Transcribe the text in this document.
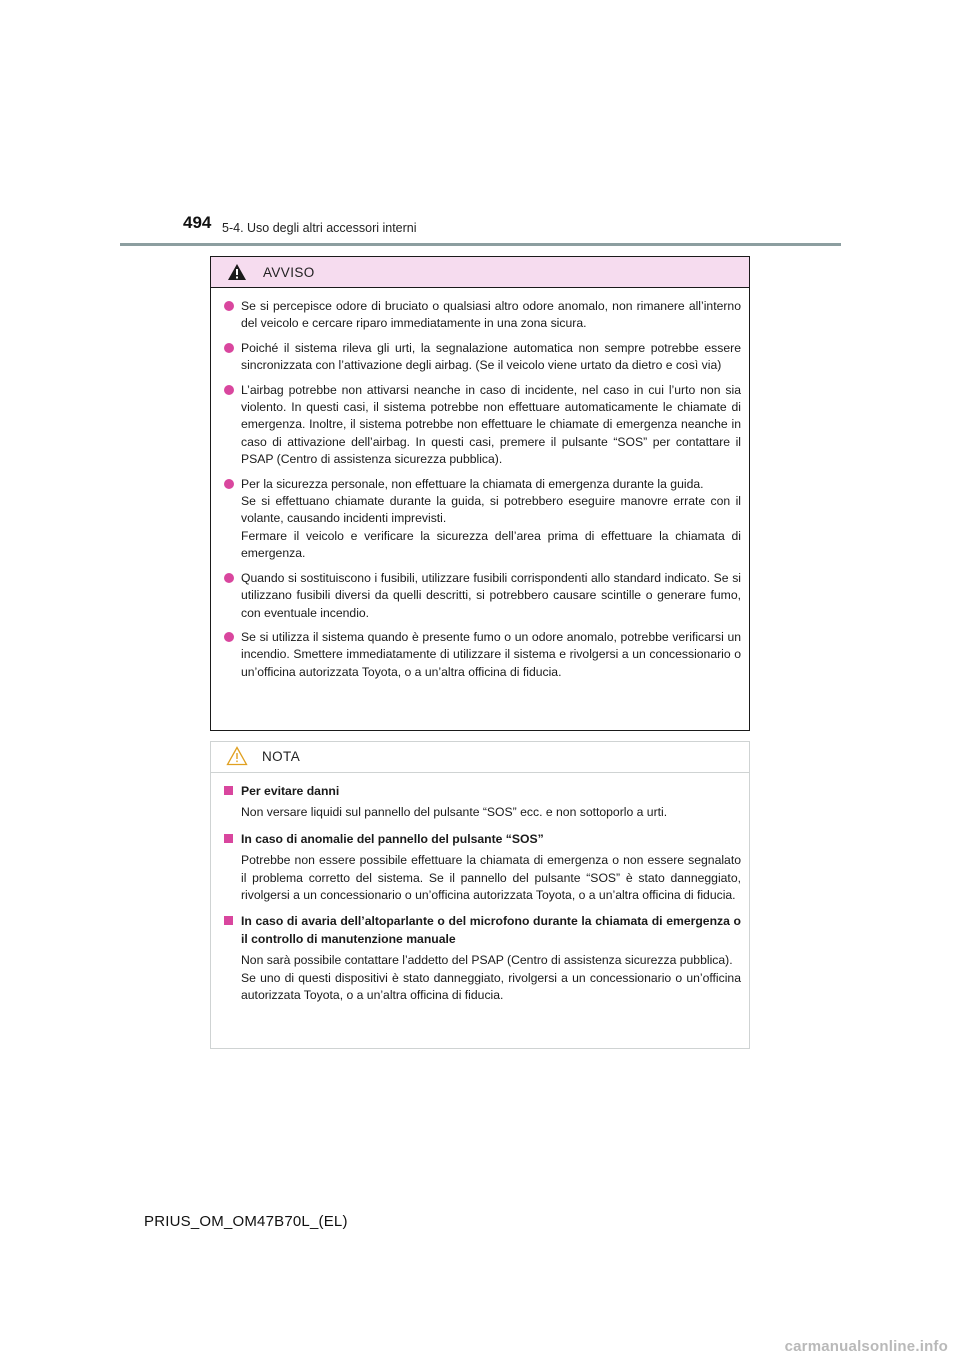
494 5-4. Uso degli altri accessori interni
AVVISO

Se si percepisce odore di bruciato o qualsiasi altro odore anomalo, non rimanere all’interno del veicolo e cercare riparo immediatamente in una zona sicura.

Poiché il sistema rileva gli urti, la segnalazione automatica non sempre potrebbe essere sincronizzata con l’attivazione degli airbag. (Se il veicolo viene urtato da dietro e così via)

L’airbag potrebbe non attivarsi neanche in caso di incidente, nel caso in cui l’urto non sia violento. In questi casi, il sistema potrebbe non effettuare automaticamente le chiamate di emergenza. Inoltre, il sistema potrebbe non effettuare le chiamate di emergenza neanche in caso di attivazione dell’airbag. In questi casi, premere il pulsante “SOS” per contattare il PSAP (Centro di assistenza sicurezza pubblica).

Per la sicurezza personale, non effettuare la chiamata di emergenza durante la guida.

Se si effettuano chiamate durante la guida, si potrebbero eseguire manovre errate con il volante, causando incidenti imprevisti.

Fermare il veicolo e verificare la sicurezza dell’area prima di effettuare la chiamata di emergenza.

Quando si sostituiscono i fusibili, utilizzare fusibili corrispondenti allo standard indicato. Se si utilizzano fusibili diversi da quelli descritti, si potrebbero causare scintille o generare fumo, con eventuale incendio.

Se si utilizza il sistema quando è presente fumo o un odore anomalo, potrebbe verificarsi un incendio. Smettere immediatamente di utilizzare il sistema e rivolgersi a un concessionario o un’officina autorizzata Toyota, o a un’altra officina di fiducia.

NOTA
Per evitare danni

Non versare liquidi sul pannello del pulsante “SOS” ecc. e non sottoporlo a urti.

In caso di anomalie del pannello del pulsante “SOS”

Potrebbe non essere possibile effettuare la chiamata di emergenza o non essere segnalato il problema corretto del sistema. Se il pannello del pulsante “SOS” è stato danneggiato, rivolgersi a un concessionario o un’officina autorizzata Toyota, o a un’altra officina di fiducia.

In caso di avaria dell’altoparlante o del microfono durante la chiamata di emergenza o il controllo di manutenzione manuale

Non sarà possibile contattare l’addetto del PSAP (Centro di assistenza sicurezza pubblica).

Se uno di questi dispositivi è stato danneggiato, rivolgersi a un concessionario o un’officina autorizzata Toyota, o a un’altra officina di fiducia.

PRIUS_OM_OM47B70L_(EL)
carmanualsonline.info
